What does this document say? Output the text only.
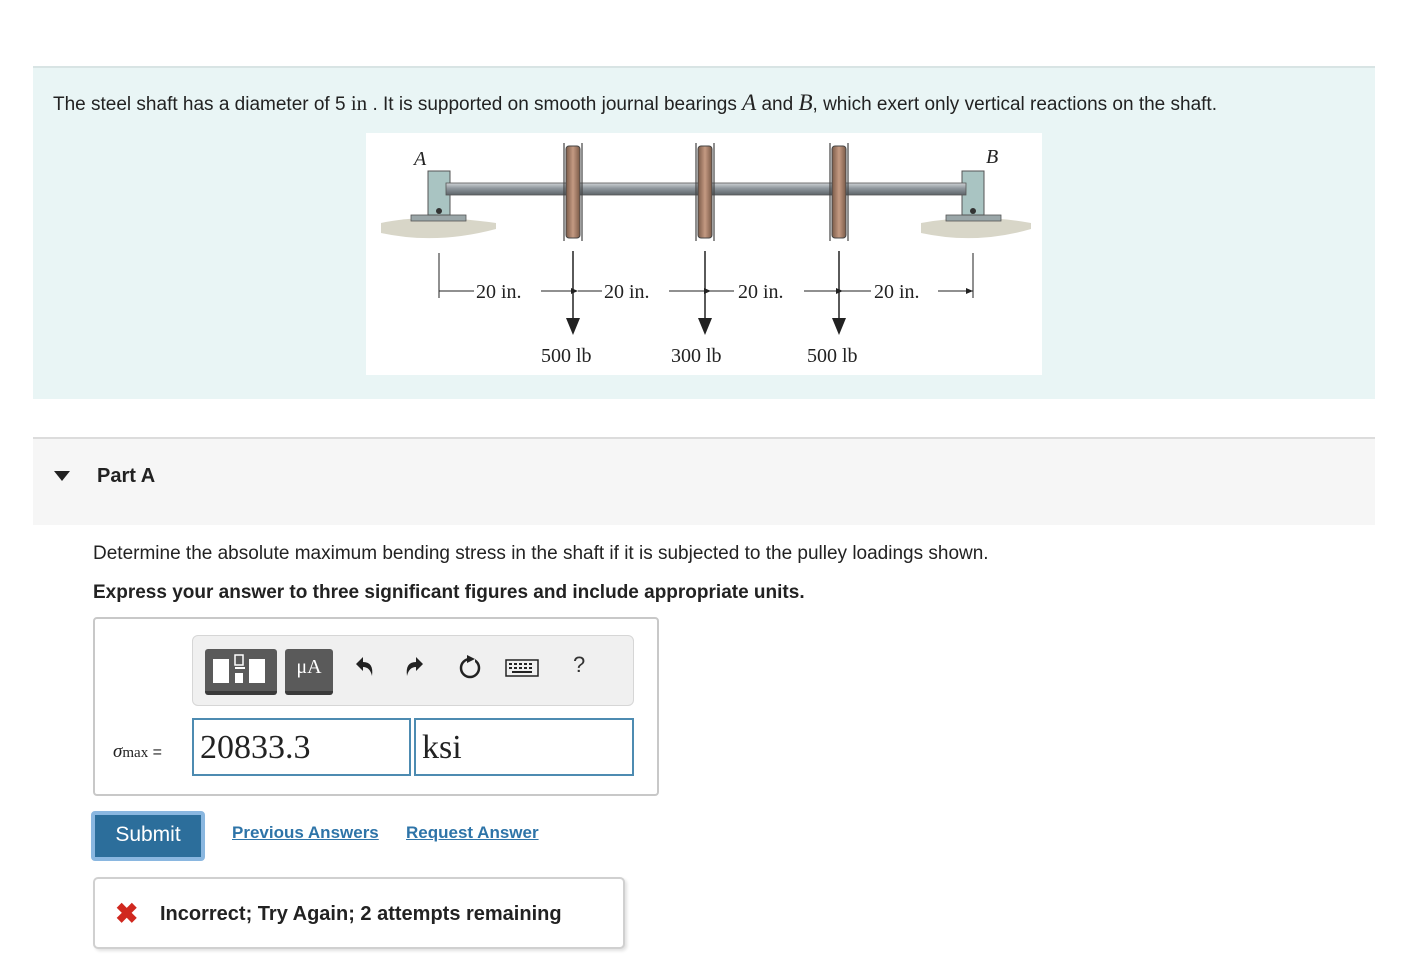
The steel shaft has a diameter of 5 in . It is supported on smooth journal bearings A and B, which exert only vertical reactions on the shaft.
A	B
20 in.	20 in.	20 in.	20 in.
500 lb	300 lb	500 lb
Part A
Determine the absolute maximum bending stress in the shaft if it is subjected to the pulley loadings shown.
Express your answer to three significant figures and include appropriate units.
μA	?
σmax = 20833.3	ksi
Submit	Previous Answers Request Answer
✖ Incorrect; Try Again; 2 attempts remaining
